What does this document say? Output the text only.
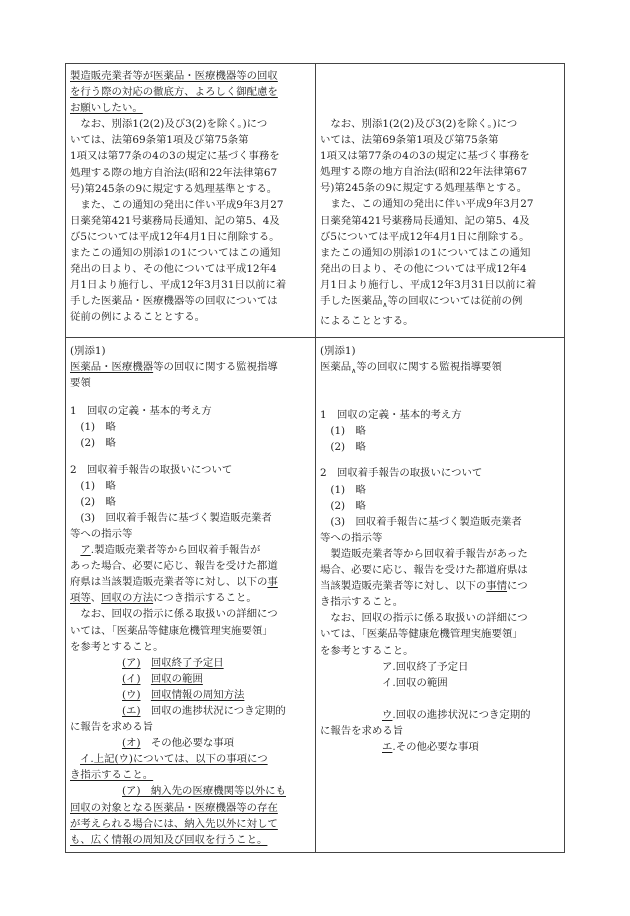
製造販売業者等が医薬品・医療機器等の回収
を行う際の対応の徹底方、よろしく御配慮を
お願いしたい。
　なお、別添1(2(2)及び3(2)を除く。)につ
いては、法第69条第1項及び第75条第
1項又は第77条の4の3の規定に基づく事務を
処理する際の地方自治法(昭和22年法律第67
号)第245条の9に規定する処理基準とする。
　また、この通知の発出に伴い平成9年3月27
日薬発第421号薬務局長通知、記の第5、4及
び5については平成12年4月1日に削除する。
またこの通知の別添1の1についてはこの通知
発出の日より、その他については平成12年4
月1日より施行し、平成12年3月31日以前に着
手した医薬品・医療機器等の回収については
従前の例によることとする。
　なお、別添1(2(2)及び3(2)を除く。)につ
いては、法第69条第1項及び第75条第
1項又は第77条の4の3の規定に基づく事務を
処理する際の地方自治法(昭和22年法律第67
号)第245条の9に規定する処理基準とする。
　また、この通知の発出に伴い平成9年3月27
日薬発第421号薬務局長通知、記の第5、4及
び5については平成12年4月1日に削除する。
またこの通知の別添1の1についてはこの通知
発出の日より、その他については平成12年4
月1日より施行し、平成12年3月31日以前に着
手した医薬品$_\wedge$等の回収については従前の例
によることとする。
(別添1)
医薬品・医療機器等の回収に関する監視指導
要領
1　回収の定義・基本的考え方
　(1)　略
　(2)　略
2　回収着手報告の取扱いについて
　(1)　略
　(2)　略
　(3)　回収着手報告に基づく製造販売業者
等への指示等
　ア.製造販売業者等から回収着手報告が
あった場合、必要に応じ、報告を受けた都道
府県は当該製造販売業者等に対し、以下の事
項等、回収の方法につき指示すること。
　なお、回収の指示に係る取扱いの詳細につ
いては、「医薬品等健康危機管理実施要領」
を参考とすること。
(ア)　 回収終了予定日
(イ)　 回収の範囲
(ウ)　 回収情報の周知方法
(エ)　 回収の進捗状況につき定期的
に報告を求める旨
(オ)　 その他必要な事項
イ.上記(ウ)については、以下の事項につ
き指示すること。
(ア)　納入先の医療機関等以外にも
回収の対象となる医薬品・医療機器等の存在
が考えられる場合には、納入先以外に対して
も、広く情報の周知及び回収を行うこと。
(別添1)
医薬品$_\wedge$等の回収に関する監視指導要領
1　回収の定義・基本的考え方
　(1)　略
　(2)　略
2　回収着手報告の取扱いについて
　(1)　略
　(2)　略
　(3)　回収着手報告に基づく製造販売業者
等への指示等
　製造販売業者等から回収着手報告があった
場合、必要に応じ、報告を受けた都道府県は
当該製造販売業者等に対し、以下の事情につ
き指示すること。
　なお、回収の指示に係る取扱いの詳細につ
いては、「医薬品等健康危機管理実施要領」
を参考とすること。
ア.回収終了予定日
イ.回収の範囲
ウ.回収の進捗状況につき定期的
に報告を求める旨
エ.その他必要な事項
